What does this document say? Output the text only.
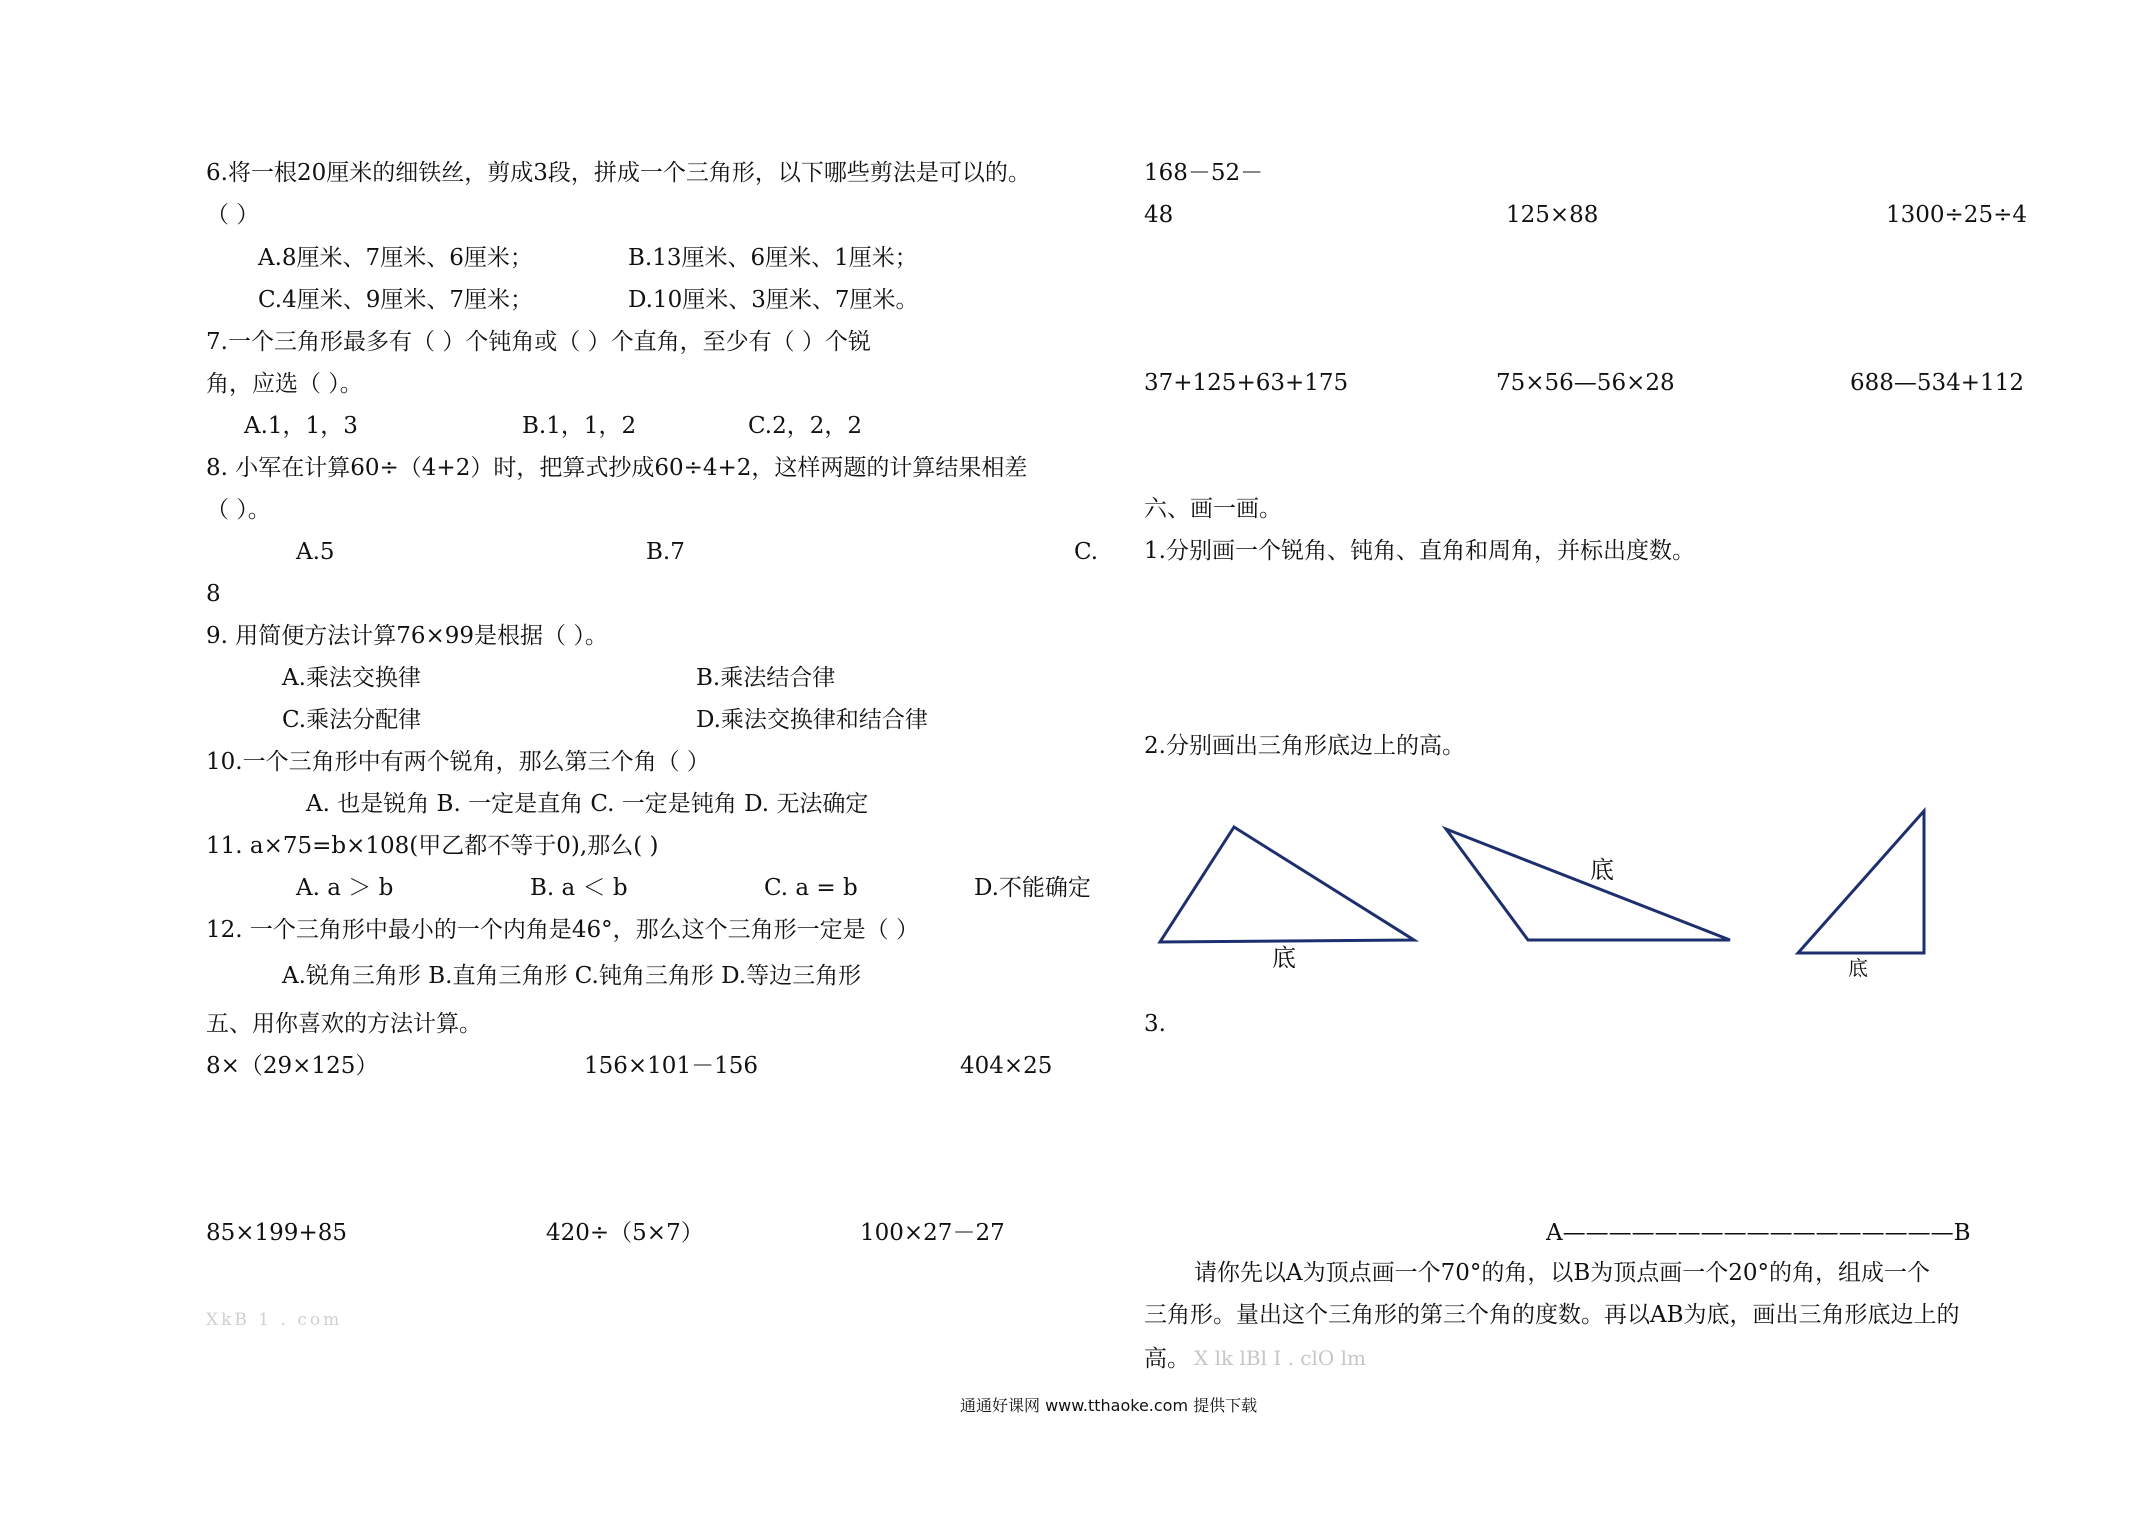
6.将一根20厘米的细铁丝，剪成3段，拼成一个三角形，以下哪些剪法是可以的。
（ ）
A.8厘米、7厘米、6厘米；	B.13厘米、6厘米、1厘米；
C.4厘米、9厘米、7厘米；	D.10厘米、3厘米、7厘米。
7.一个三角形最多有（ ）个钝角或（ ）个直角，至少有（ ）个锐
角，应选（ ）。
A.1，1，3	B.1，1，2	C.2，2，2
8. 小军在计算60÷（4+2）时，把算式抄成60÷4+2，这样两题的计算结果相差
（ ）。
A.5	B.7	C.
8
9. 用简便方法计算76×99是根据（ ）。
A.乘法交换律	B.乘法结合律
C.乘法分配律	D.乘法交换律和结合律
10.一个三角形中有两个锐角，那么第三个角（ ）
A. 也是锐角 B. 一定是直角 C. 一定是钝角 D. 无法确定
11. a×75=b×108(甲乙都不等于0),那么( )
A. a ＞ b	B. a ＜ b	C. a = b	D.不能确定
12. 一个三角形中最小的一个内角是46°，那么这个三角形一定是（ ）
A.锐角三角形 B.直角三角形 C.钝角三角形 D.等边三角形
五、用你喜欢的方法计算。
8×（29×125）	156×101－156	404×25
85×199+85	420÷（5×7）	100×27－27
XkB 1 . com
168－52－
48	125×88	1300÷25÷4
37+125+63+175	75×56—56×28	688—534+112
六、画一画。
1.分别画一个锐角、钝角、直角和周角，并标出度数。
2.分别画出三角形底边上的高。
底
底
底
3.
A—————————————————B
请你先以A为顶点画一个70°的角，以B为顶点画一个20°的角，组成一个
三角形。量出这个三角形的第三个角的度数。再以AB为底，画出三角形底边上的
高。 X lk lBl I . clO lm
通通好课网 www.tthaoke.com 提供下载
